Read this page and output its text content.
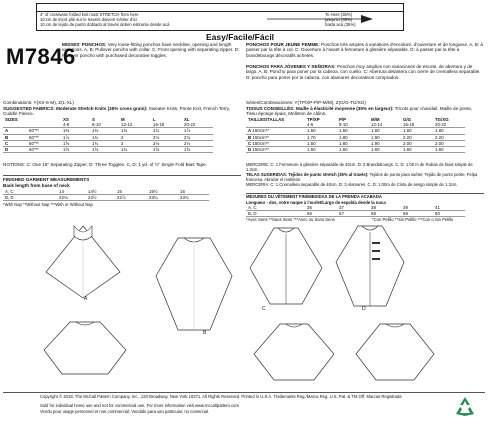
4" of crosswise folded knit must STRETCH from here
10 cm de tricot plié sur le travers doivent s'étirer d'ici
10 cm de tejido de punto doblado al través deben estirarse desde acá
To Here (35%)
jusqu'ici (35%)
hasta acá (35%)
M7846
Easy/Facile/Fácil
MISSES' PONCHOS: Very loose-fitting ponchos have neckline, opening and length variations. A, B: Pullover poncho with collar. C: Front opening with separating zipper. D: Pullover poncho with purchased decorative toggles.
Combinations: Y(XS-S-M), Z(L-XL)
SUGGESTED FABRICS: Moderate Stretch Knits (35% cross grain): Sweater Knits, Ponte Knit, French Terry, Cuddle Fleece.
SIZES		XS	S	M	L	XL
		4-6	8-10	12-14	16-18	20-22
A	60"**	1⅜	1⅜	1⅜	1¾	1⅞
B	60"**	1⅞	1¾	2	2⅛	2⅛
C	60"**	1⅝	1¾	2	2⅛	2⅛
D	60"**	1⅝	1⅝	1¾	1⅝	1⅝
NOTIONS: C: One 16" Separating Zipper. D: Three Toggles. C, D: 1 yd. of ½" Single Fold Bias Tape.
FINISHED GARMENT MEASUREMENTS
Back length from base of neck
A, C	14	14½	15	15½	16
B, D	22⅛	22½	22⅞	23¼	23¾
*With Nap **Without Nap ***With or Without Nap
PONCHOS POUR JEUNE FEMME: Ponchos très amples à variations d'encolure, d'ouverture et de longueur. A, B: à passer par la tête à col. C: Ouverture à l'avant à fermeture à glissière séparable. D: à passer par la tête à brandebourgs décoratifs achetés.
PONCHOS PARA JÓVENES Y SEÑORAS: Ponchos muy amplios con variaciones de escote, de abertura y de largo. A, B: Poncho para poner por la cabeza, con cuello. C: Abertura delantera con cierre de cremallera separable. D: poncho para poner por la cabeza, con alamares decorativos comprados.
Séries/Combinaciones: Y(TP/XP-P/P-M/M), Z(G/G-TG/XG)
TISSUS CONSEILLÉS: Maille à élasticité moyenne (35% en largeur): Tricots pour chandail, Maille de ponte, Tissu éponge épais, Molleton de câlins.
TAILLES/TALLAS	TP/XP	P/P	M/M	G/G	TG/XG
	4-6	8-10	12-14	16-18	20-22
A 150cm**	1.50	1.50	1.60	1.60	1.80
B 150cm**	1.70	1.80	1.90	2.20	2.20
C 150cm**	1.60	1.80	1.90	2.00	2.00
D 150cm**	1.50	1.60	1.60	1.60	1.60
MERCERIE: C: 1 Fermeture à glissière séparable de 40cm. D: 3 Brandebourgs. C, D: 1.00 m de Ruban de biais simple de 1.3cm.
TELAS SUGERIDAS: Tejidos de punto stretch (35% al través): Tejidos de punto para suéter, Tejido de punto ponte, Felpa francesa, Abrazar el molletón.
MERCERÍA: C: 1 Cremallera separable de 40cm. D: 3 Alamares. C, D: 1.00m de Cinta de sesgo simple de 1.3cm.
MESURES DU VÊTEMENT FINI/MEDIDAS DE LA PRENDA ACABADA
Longueur - dos, votre nuque à l'ourlet/Largo de espalda desde la nuca
A, C	36	37	38	39	41
B, D	56	57	58	59	60
*Avec Sens **Sans Sens ***Avec ou Sans Sens	*Con Pelillo **Sin Pelillo ***Con o Sin Pelillo
A
B
C	D
Copyright © 2018, The McCall Pattern Company, Inc., 120 Broadway, New York 10271. All Rights Reserved. Printed in U.S.A. Trademarks Reg./Marca Reg. U.S. Pat. & TM Off. Marcas Registrada
Sold for individual home use and not for commercial use. For more information visit www.mccallpattern.com
Vendu pour usage personnel et non commercial. Vendido para uso particular, no comercial.
